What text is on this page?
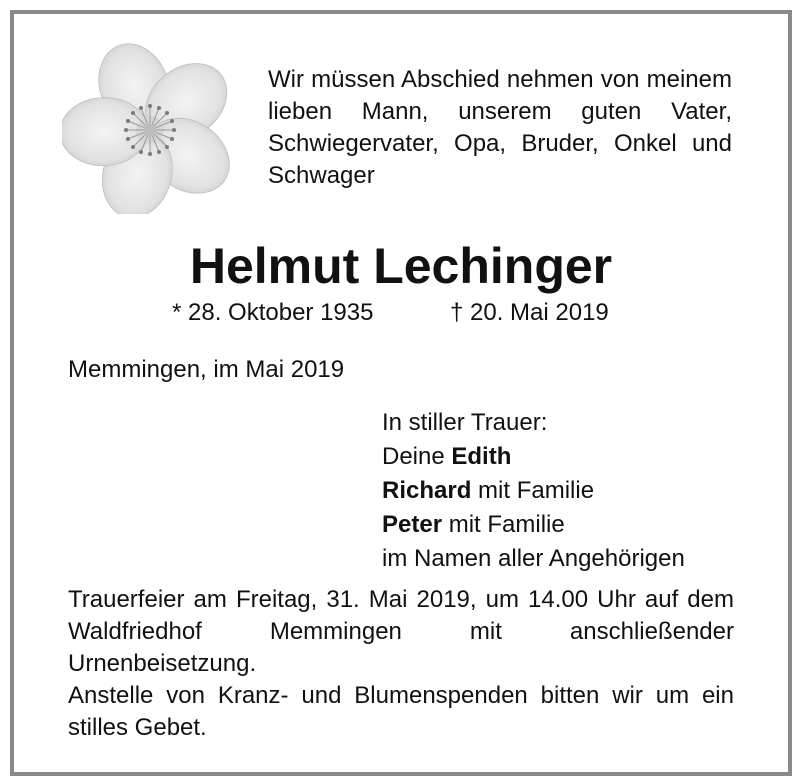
Wir müssen Abschied nehmen von meinem lieben Mann, unserem guten Vater, Schwiegervater, Opa, Bruder, Onkel und Schwager
Helmut Lechinger
* 28. Oktober 1935	† 20. Mai 2019
Memmingen, im Mai 2019
In stiller Trauer:
Deine Edith
Richard mit Familie
Peter mit Familie
im Namen aller Angehörigen

Trauerfeier am Freitag, 31. Mai 2019, um 14.00 Uhr auf dem Waldfriedhof Memmingen mit anschließender Urnenbeisetzung.

Anstelle von Kranz- und Blumenspenden bitten wir um ein stilles Gebet.
